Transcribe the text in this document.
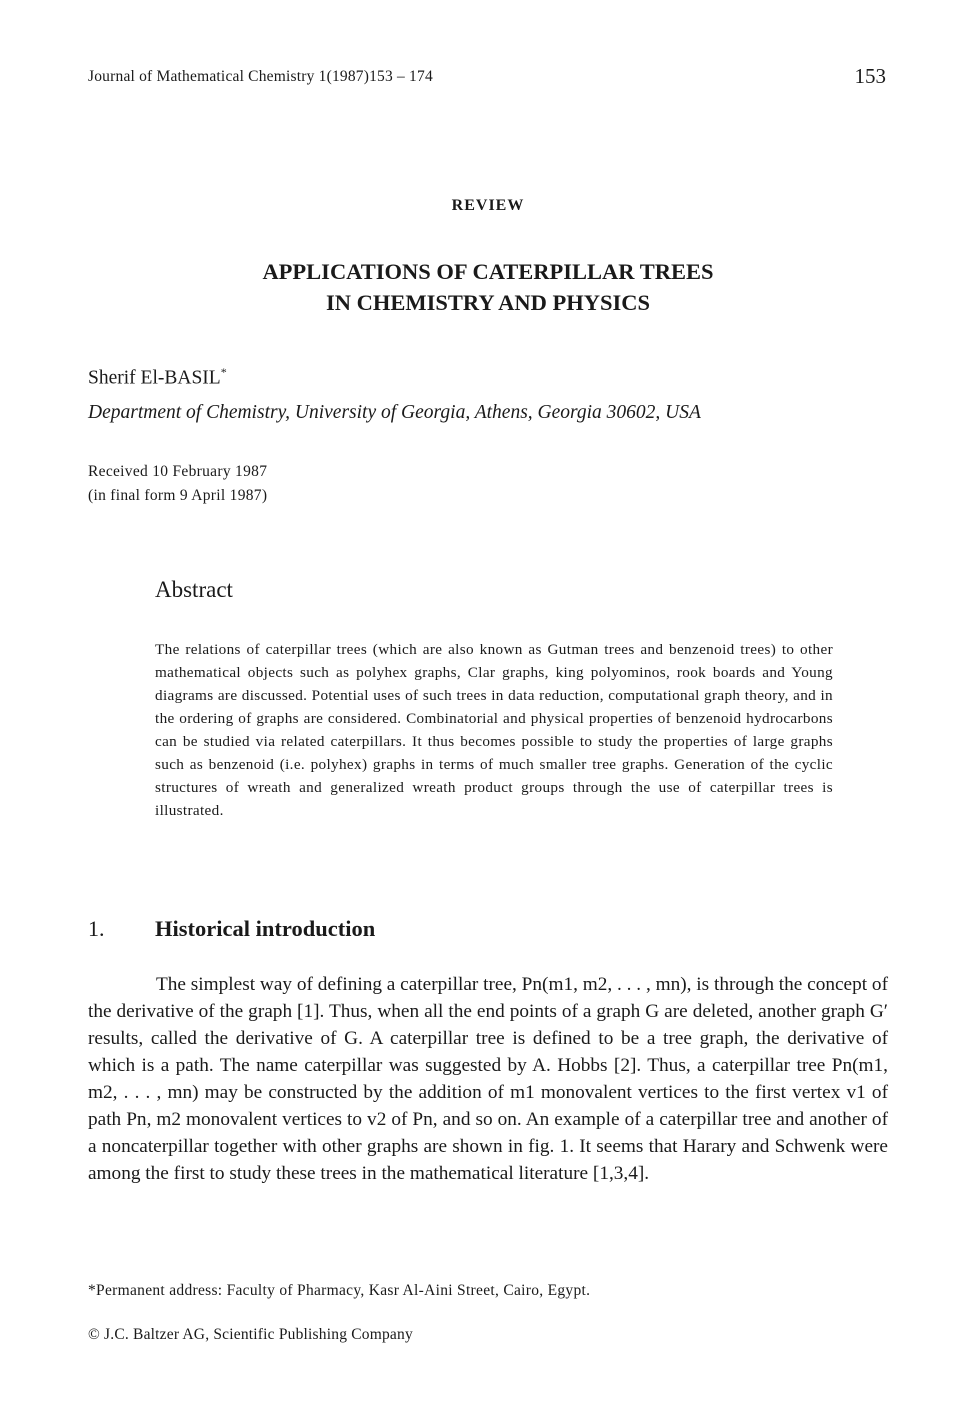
Journal of Mathematical Chemistry 1(1987)153 – 174	153
REVIEW
APPLICATIONS OF CATERPILLAR TREES
IN CHEMISTRY AND PHYSICS
Sherif El-BASIL*
Department of Chemistry, University of Georgia, Athens, Georgia 30602, USA
Received 10 February 1987
(in final form 9 April 1987)
Abstract
The relations of caterpillar trees (which are also known as Gutman trees and benzenoid trees) to other mathematical objects such as polyhex graphs, Clar graphs, king polyominos, rook boards and Young diagrams are discussed. Potential uses of such trees in data reduction, computational graph theory, and in the ordering of graphs are considered. Combinatorial and physical properties of benzenoid hydrocarbons can be studied via related caterpillars. It thus becomes possible to study the properties of large graphs such as benzenoid (i.e. polyhex) graphs in terms of much smaller tree graphs. Generation of the cyclic structures of wreath and generalized wreath product groups through the use of caterpillar trees is illustrated.
1. Historical introduction
The simplest way of defining a caterpillar tree, Pn(m1, m2, . . . , mn), is through the concept of the derivative of the graph [1]. Thus, when all the end points of a graph G are deleted, another graph G′ results, called the derivative of G. A caterpillar tree is defined to be a tree graph, the derivative of which is a path. The name caterpillar was suggested by A. Hobbs [2]. Thus, a caterpillar tree Pn(m1, m2, . . . , mn) may be constructed by the addition of m1 monovalent vertices to the first vertex v1 of path Pn, m2 monovalent vertices to v2 of Pn, and so on. An example of a caterpillar tree and another of a noncaterpillar together with other graphs are shown in fig. 1. It seems that Harary and Schwenk were among the first to study these trees in the mathematical literature [1,3,4].
*Permanent address: Faculty of Pharmacy, Kasr Al-Aini Street, Cairo, Egypt.
© J.C. Baltzer AG, Scientific Publishing Company
